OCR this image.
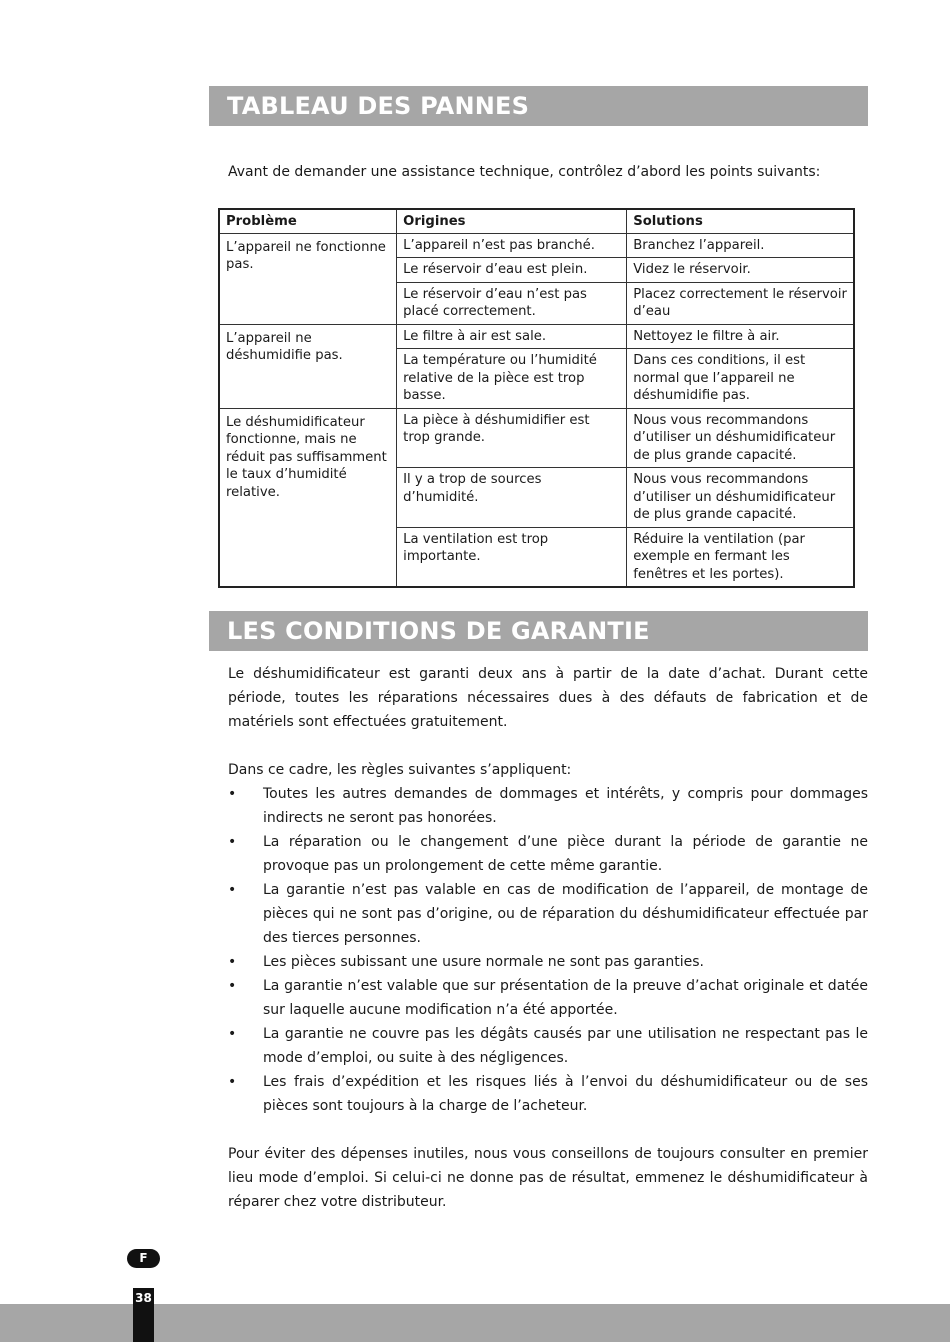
TABLEAU DES PANNES
Avant de demander une assistance technique, contrôlez d’abord les points suivants:
Problème	Origines	Solutions
L’appareil ne fonctionne pas.	L’appareil n’est pas branché.	Branchez l’appareil.
	Le réservoir d’eau est plein.	Videz le réservoir.
	Le réservoir d’eau n’est pas placé correctement.	Placez correctement le réservoir d’eau
L’appareil ne déshumidifie pas.	Le filtre à air est sale.	Nettoyez le filtre à air.
	La température ou l’humidité relative de la pièce est trop basse.	Dans ces conditions, il est normal que l’appareil ne déshumidifie pas.
Le déshumidificateur fonctionne, mais ne réduit pas suffisamment le taux d’humidité relative.	La pièce à déshumidifier est trop grande.	Nous vous recommandons d’utiliser un déshumidificateur de plus grande capacité.
	Il y a trop de sources d’humidité.	Nous vous recommandons d’utiliser un déshumidificateur de plus grande capacité.
	La ventilation est trop importante.	Réduire la ventilation (par exemple en fermant les fenêtres et les portes).
LES CONDITIONS DE GARANTIE

Le déshumidificateur est garanti deux ans à partir de la date d’achat. Durant cette période, toutes les réparations nécessaires dues à des défauts de fabrication et de matériels sont effectuées gratuitement.

Dans ce cadre, les règles suivantes s’appliquent:

• Toutes les autres demandes de dommages et intérêts, y compris pour dommages indirects ne seront pas honorées.
• La réparation ou le changement d’une pièce durant la période de garantie ne provoque pas un prolongement de cette même garantie.
• La garantie n’est pas valable en cas de modification de l’appareil, de montage de pièces qui ne sont pas d’origine, ou de réparation du déshumidificateur effectuée par des tierces personnes.
• Les pièces subissant une usure normale ne sont pas garanties.
• La garantie n’est valable que sur présentation de la preuve d’achat originale et datée sur laquelle aucune modification n’a été apportée.
• La garantie ne couvre pas les dégâts causés par une utilisation ne respectant pas le mode d’emploi, ou suite à des négligences.
• Les frais d’expédition et les risques liés à l’envoi du déshumidificateur ou de ses pièces sont toujours à la charge de l’acheteur.

Pour éviter des dépenses inutiles, nous vous conseillons de toujours consulter en premier lieu mode d’emploi. Si celui-ci ne donne pas de résultat, emmenez le déshumidificateur à réparer chez votre distributeur.

F
38
